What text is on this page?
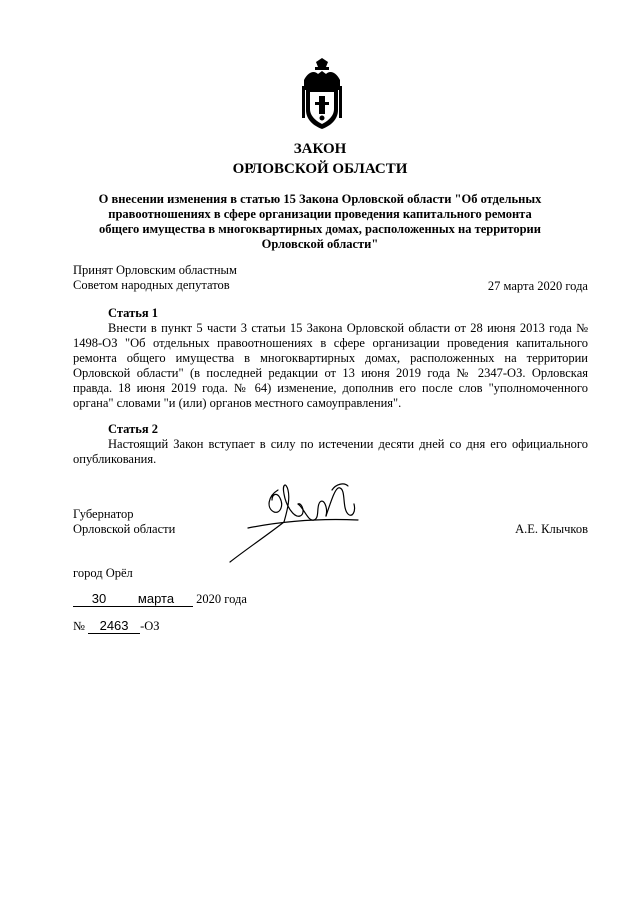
ЗАКОН
ОРЛОВСКОЙ ОБЛАСТИ
О внесении изменения в статью 15 Закона Орловской области "Об отдельных правоотношениях в сфере организации проведения капитального ремонта общего имущества в многоквартирных домах, расположенных на территории Орловской области"
Принят Орловским областным
Советом народных депутатов	27 марта 2020 года
Статья 1
Внести в пункт 5 части 3 статьи 15 Закона Орловской области от 28 июня 2013 года № 1498-ОЗ "Об отдельных правоотношениях в сфере организации проведения капитального ремонта общего имущества в многоквартирных домах, расположенных на территории Орловской области" (в последней редакции от 13 июня 2019 года № 2347-ОЗ. Орловская правда. 18 июня 2019 года. № 64) изменение, дополнив его после слов "уполномоченного органа" словами "и (или) органов местного самоуправления".
Статья 2
Настоящий Закон вступает в силу по истечении десяти дней со дня его официального опубликования.
Губернатор
Орловской области	А.Е. Клычков
город Орёл
30 марта 2020 года
№ 2463 -ОЗ
